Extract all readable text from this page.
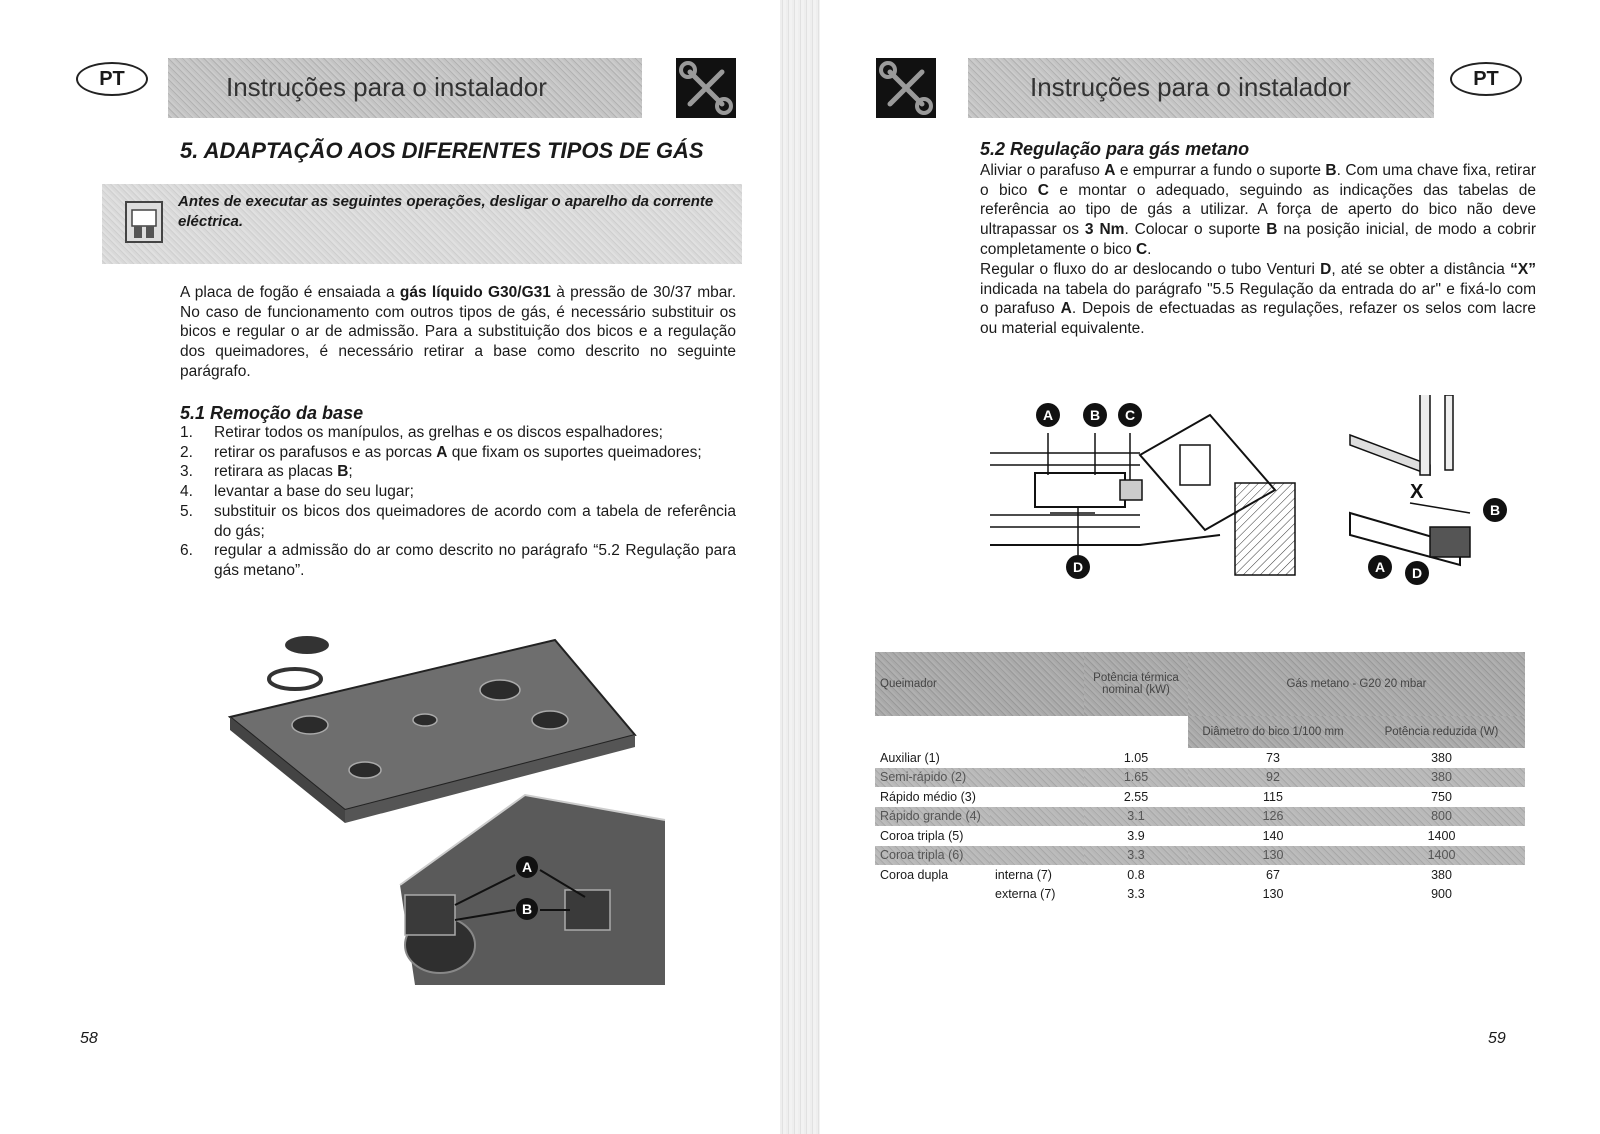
PT	Instruções para o instalador
5. ADAPTAÇÃO AOS DIFERENTES TIPOS DE GÁS
Antes de executar as seguintes operações, desligar o aparelho da corrente eléctrica.

A placa de fogão é ensaiada a gás líquido G30/G31 à pressão de 30/37 mbar. No caso de funcionamento com outros tipos de gás, é necessário substituir os bicos e regular o ar de admissão. Para a substituição dos bicos e a regulação dos queimadores, é necessário retirar a base como descrito no seguinte parágrafo.

5.1 Remoção da base
1. Retirar todos os manípulos, as grelhas e os discos espalhadores;
2. retirar os parafusos e as porcas A que fixam os suportes queimadores;
3. retirara as placas B;
4. levantar a base do seu lugar;
5. substituir os bicos dos queimadores de acordo com a tabela de referência do gás;
6. regular a admissão do ar como descrito no parágrafo “5.2 Regulação para gás metano”.
A
B
58
Instruções para o instalador	PT
5.2 Regulação para gás metano

Aliviar o parafuso A e empurrar a fundo o suporte B. Com uma chave fixa, retirar o bico C e montar o adequado, seguindo as indicações das tabelas de referência ao tipo de gás a utilizar. A força de aperto do bico não deve ultrapassar os 3 Nm. Colocar o suporte B na posição inicial, de modo a cobrir completamente o bico C.

Regular o fluxo do ar deslocando o tubo Venturi D, até se obter a distância “X” indicada na tabela do parágrafo "5.5 Regulação da entrada do ar" e fixá-lo com o parafuso A. Depois de efectuadas as regulações, refazer os selos com lacre ou material equivalente.

X
A	B C
D
B
A D
Queimador		Potência térmica nominal (kW)	Gás metano - G20 20 mbar	
			Diâmetro do bico 1/100 mm	Potência reduzida (W)
Auxiliar (1)		1.05	73	380
Semi-rápido (2)		1.65	92	380
Rápido médio (3)		2.55	115	750
Rápido grande (4)		3.1	126	800
Coroa tripla (5)		3.9	140	1400
Coroa tripla (6)		3.3	130	1400
Coroa dupla	interna (7)	0.8	67	380
	externa (7)	3.3	130	900
59
